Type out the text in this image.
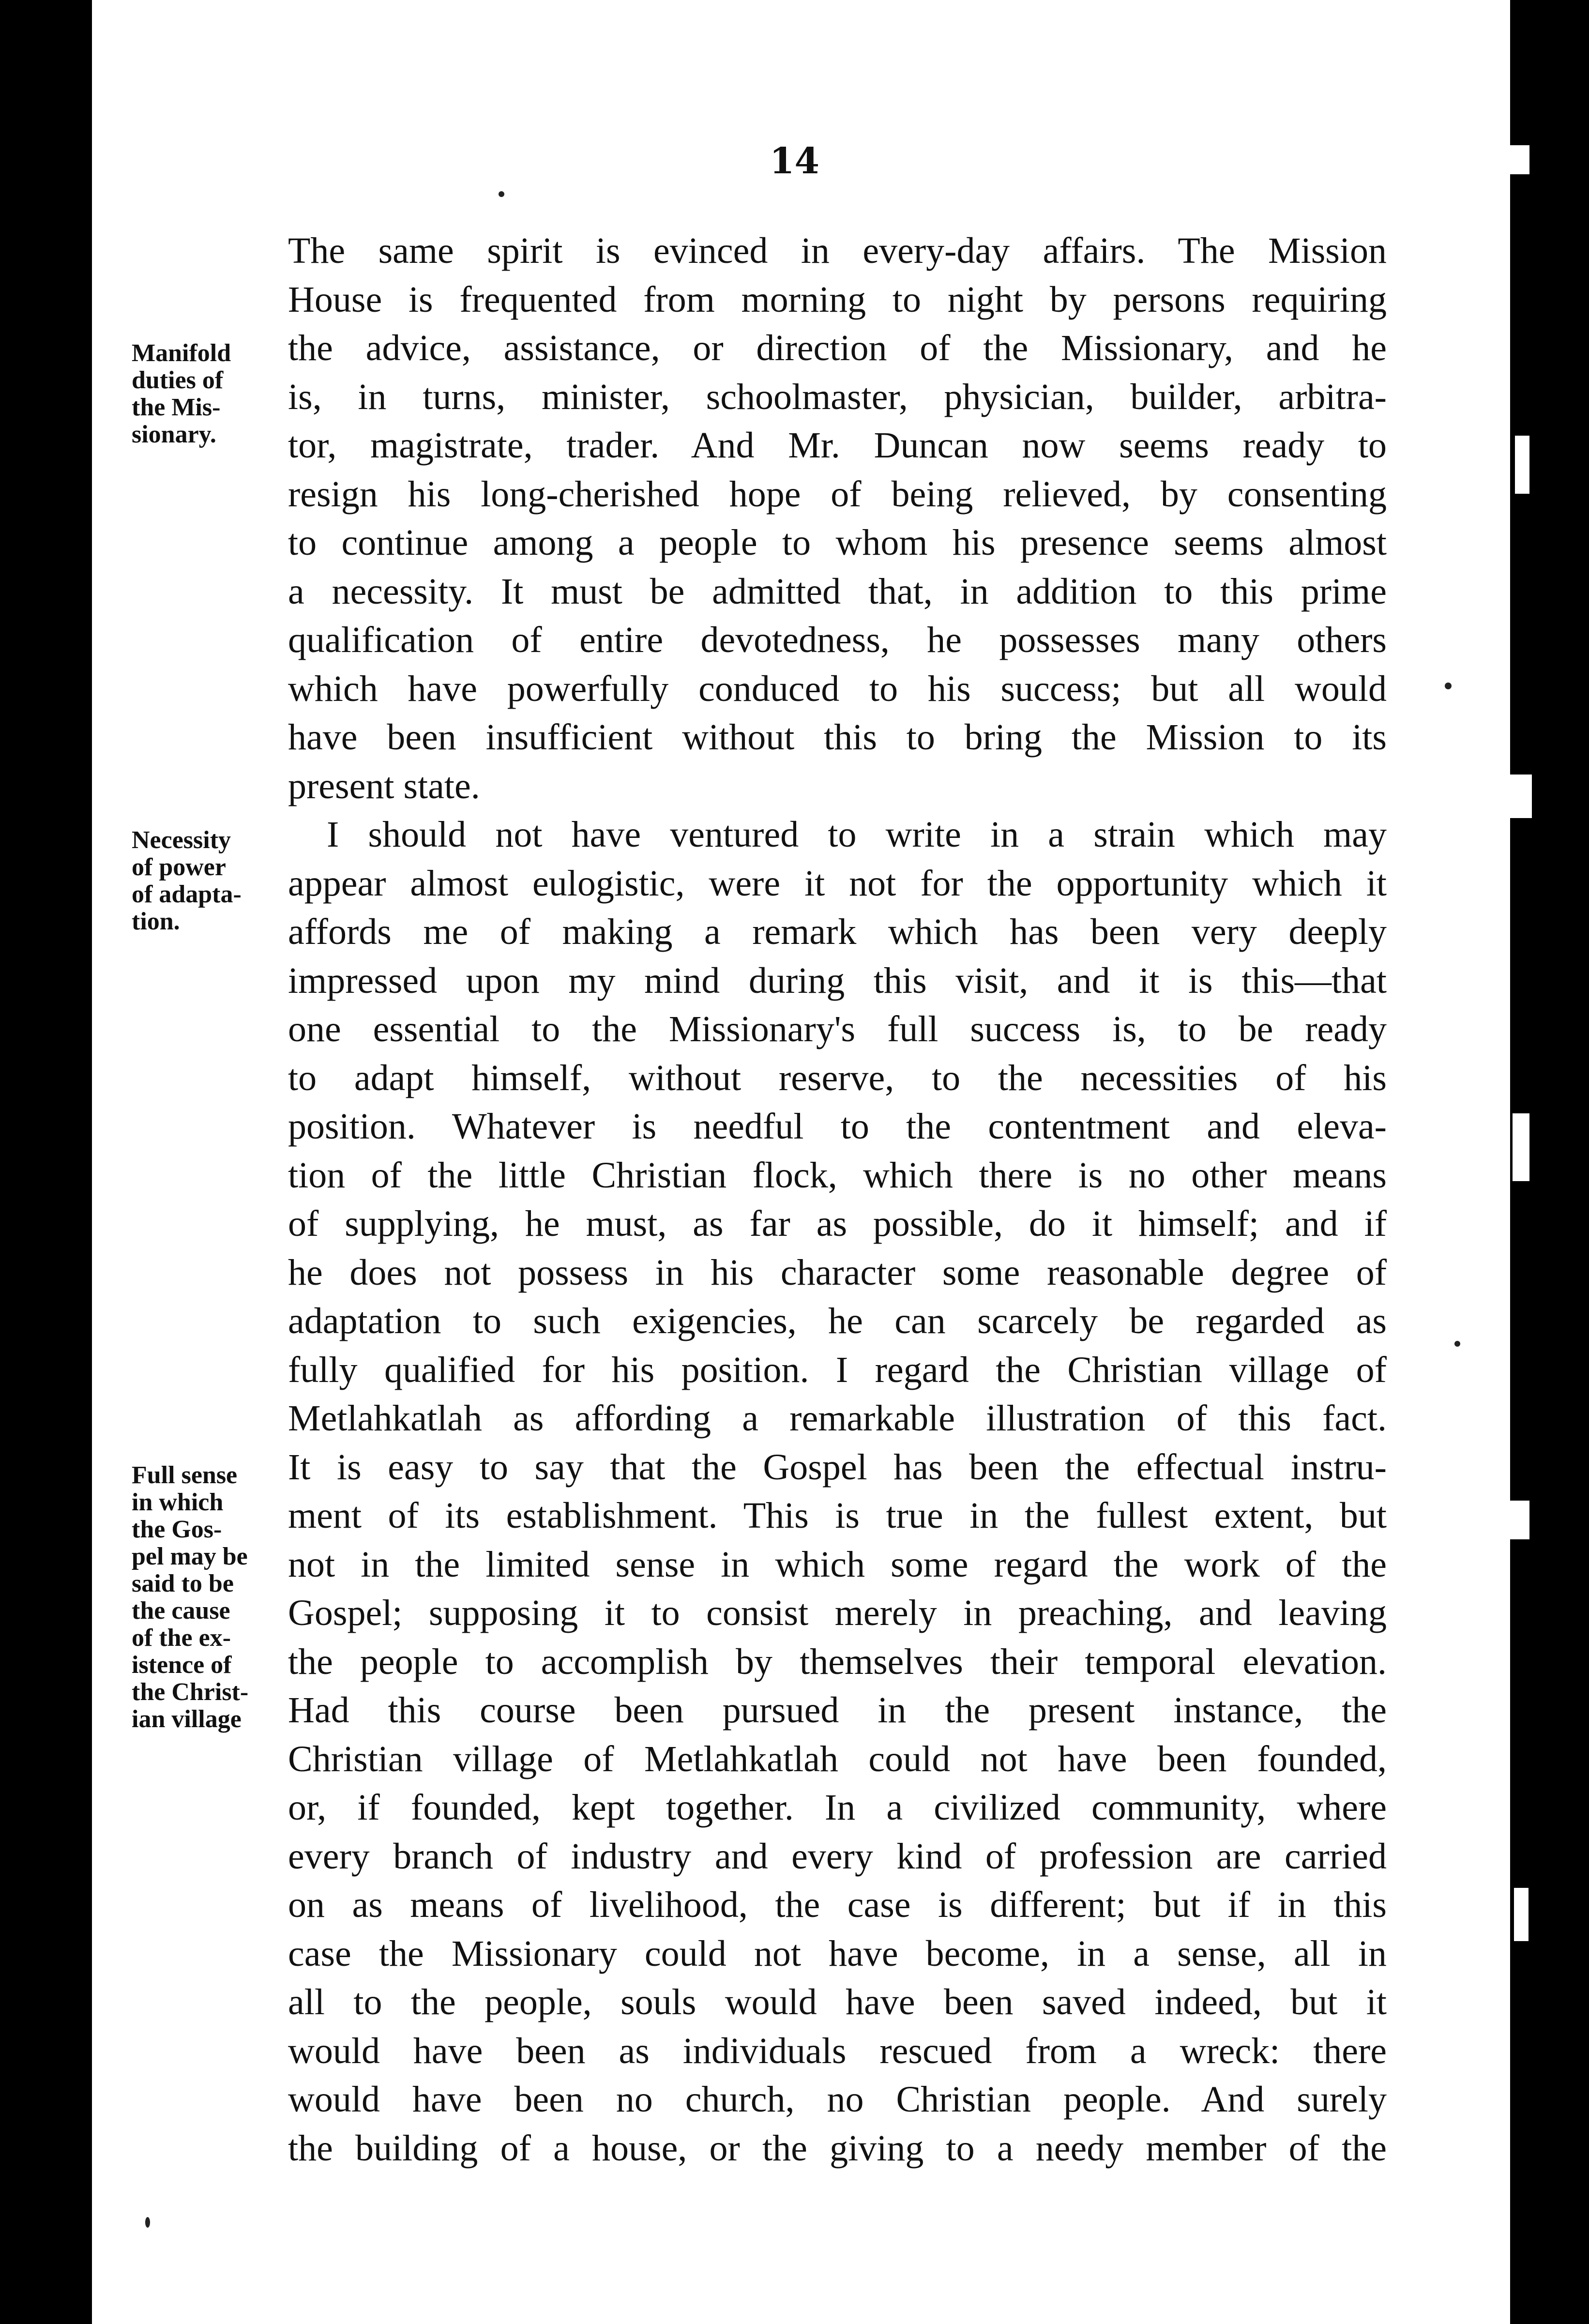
14

Manifold
duties of
the Mis-
sionary.

Necessity
of power
of adapta-
tion.

Full sense
in which
the Gos-
pel may be
said to be
the cause
of the ex-
istence of
the Christ-
ian village

The same spirit is evinced in every-day affairs. The Mission
House is frequented from morning to night by persons requiring
the advice, assistance, or direction of the Missionary, and he
is, in turns, minister, schoolmaster, physician, builder, arbitra-
tor, magistrate, trader. And Mr. Duncan now seems ready to
resign his long-cherished hope of being relieved, by consenting
to continue among a people to whom his presence seems almost
a necessity. It must be admitted that, in addition to this prime
qualification of entire devotedness, he possesses many others
which have powerfully conduced to his success; but all would
have been insufficient without this to bring the Mission to its
present state.
I should not have ventured to write in a strain which may
appear almost eulogistic, were it not for the opportunity which it
affords me of making a remark which has been very deeply
impressed upon my mind during this visit, and it is this—that
one essential to the Missionary's full success is, to be ready
to adapt himself, without reserve, to the necessities of his
position. Whatever is needful to the contentment and eleva-
tion of the little Christian flock, which there is no other means
of supplying, he must, as far as possible, do it himself; and if
he does not possess in his character some reasonable degree of
adaptation to such exigencies, he can scarcely be regarded as
fully qualified for his position. I regard the Christian village of
Metlahkatlah as affording a remarkable illustration of this fact.
It is easy to say that the Gospel has been the effectual instru-
ment of its establishment. This is true in the fullest extent, but
not in the limited sense in which some regard the work of the
Gospel; supposing it to consist merely in preaching, and leaving
the people to accomplish by themselves their temporal elevation.
Had this course been pursued in the present instance, the
Christian village of Metlahkatlah could not have been founded,
or, if founded, kept together. In a civilized community, where
every branch of industry and every kind of profession are carried
on as means of livelihood, the case is different; but if in this
case the Missionary could not have become, in a sense, all in
all to the people, souls would have been saved indeed, but it
would have been as individuals rescued from a wreck: there
would have been no church, no Christian people. And surely
the building of a house, or the giving to a needy member of the
